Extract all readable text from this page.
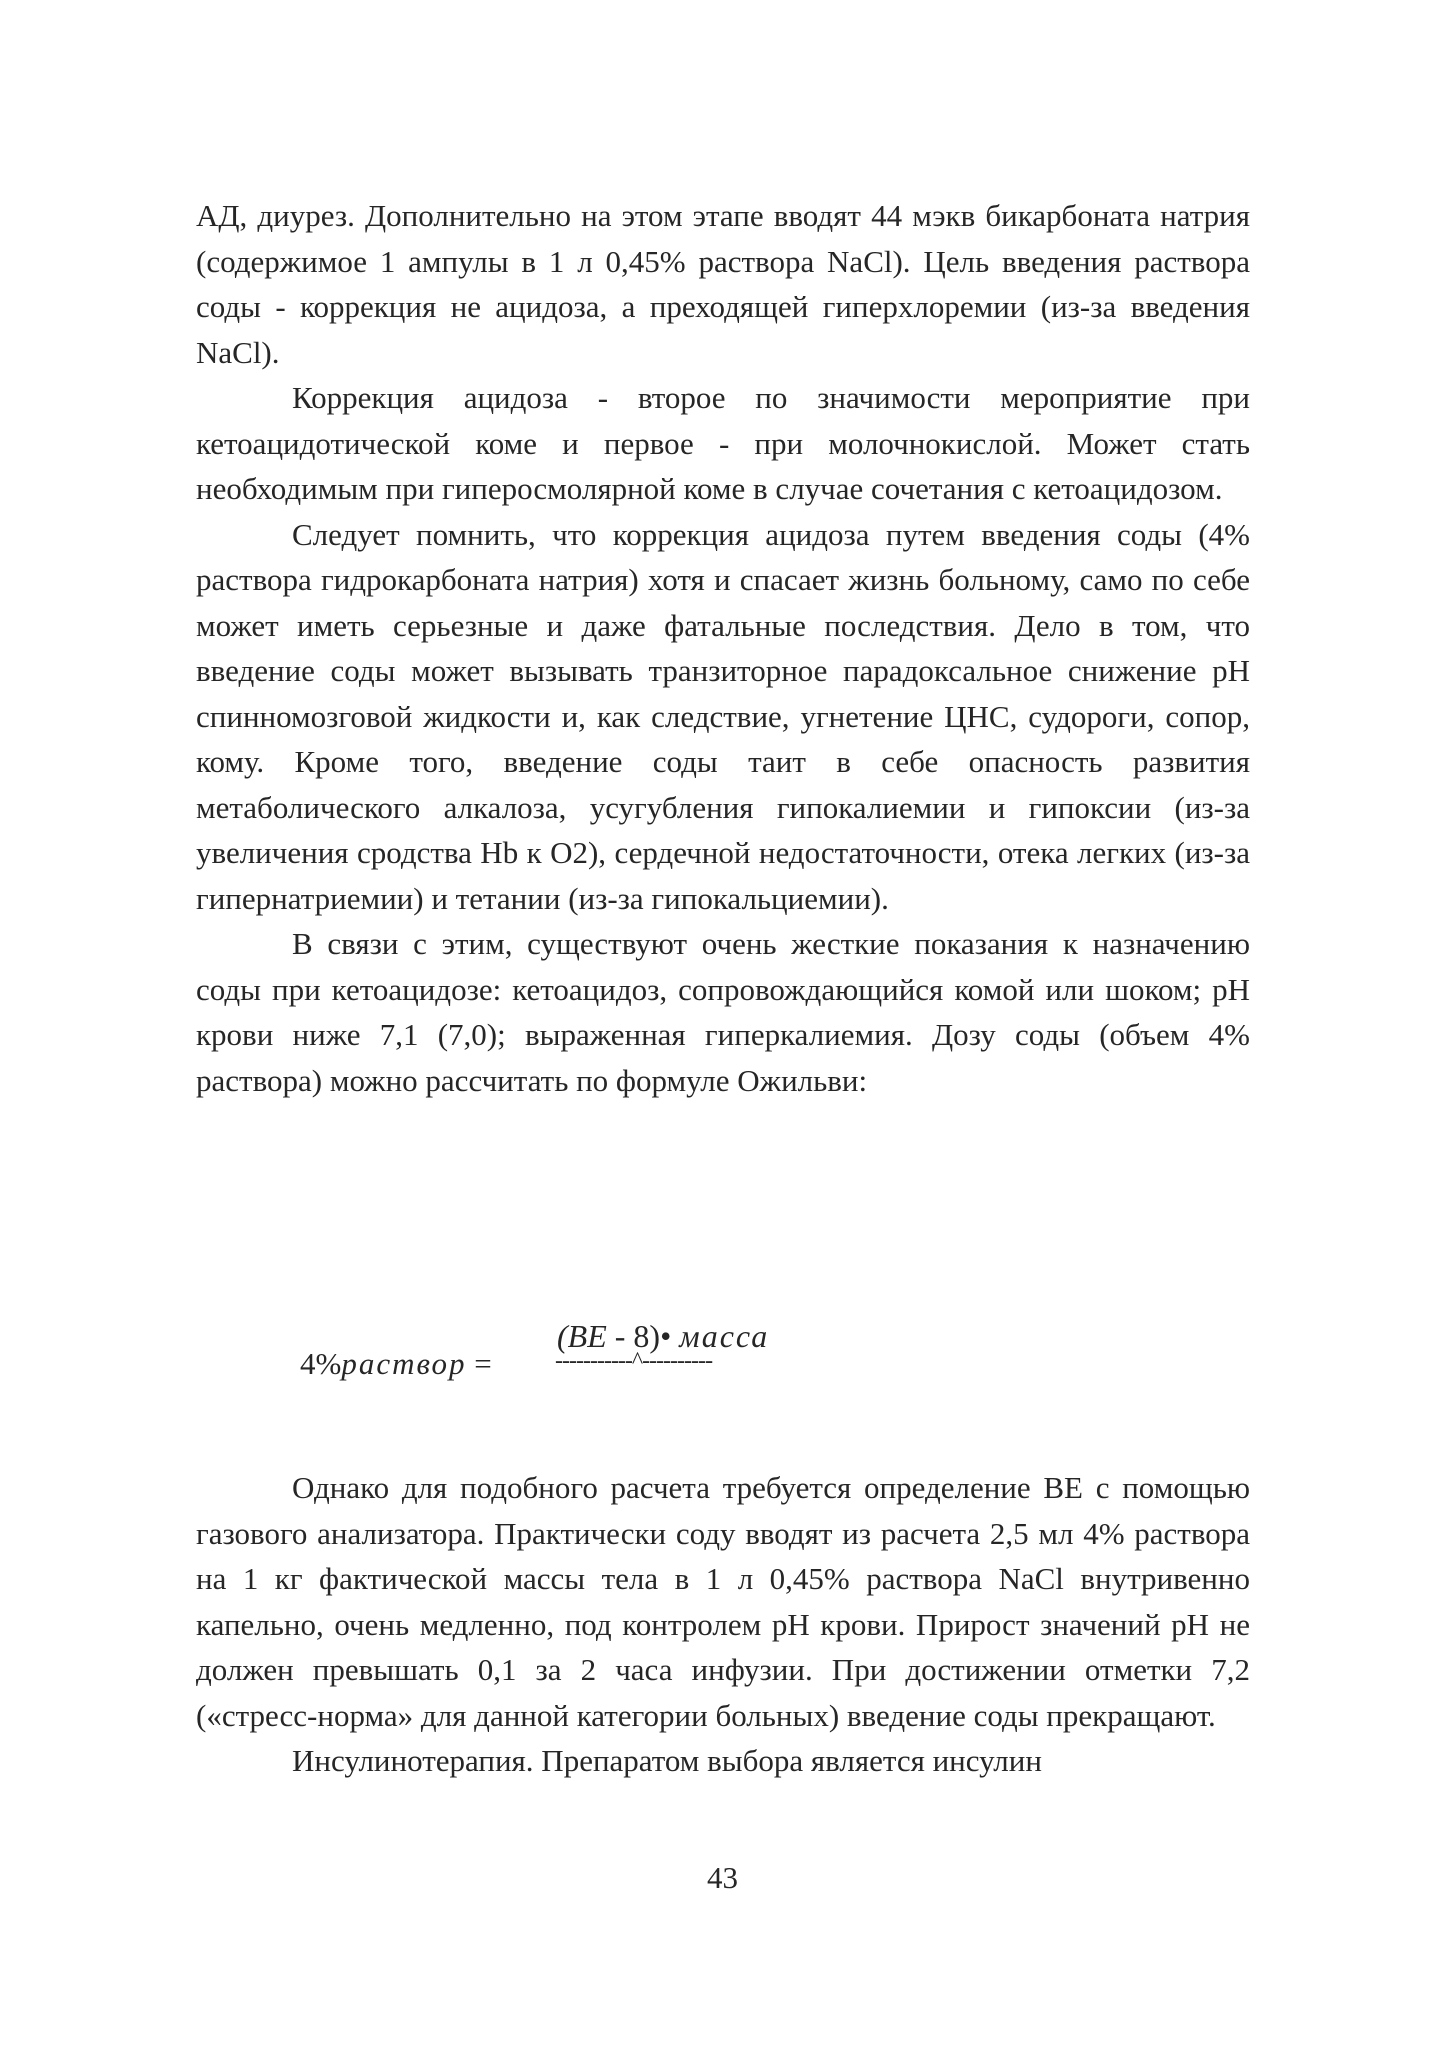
АД, диурез. Дополнительно на этом этапе вводят 44 мэкв бикарбоната натрия (содержимое 1 ампулы в 1 л 0,45% раствора NaCl). Цель введения раствора соды - коррекция не ацидоза, а преходящей гиперхлоремии (из-за введения NaCl).

Коррекция ацидоза - второе по значимости мероприятие при кетоацидотической коме и первое - при молочнокислой. Может стать необходимым при гиперосмолярной коме в случае сочетания с кетоацидозом.

Следует помнить, что коррекция ацидоза путем введения соды (4% раствора гидрокарбоната натрия) хотя и спасает жизнь больному, само по себе может иметь серьезные и даже фатальные последствия. Дело в том, что введение соды может вызывать транзиторное парадоксальное снижение pH спинномозговой жидкости и, как следствие, угнетение ЦНС, судороги, сопор, кому. Кроме того, введение соды таит в себе опасность развития метаболического алкалоза, усугубления гипокалиемии и гипоксии (из-за увеличения сродства Hb к O2), сердечной недостаточности, отека легких (из-за гипернатриемии) и тетании (из-за гипокальциемии).

В связи с этим, существуют очень жесткие показания к назначению соды при кетоацидозе: кетоацидоз, сопровождающийся комой или шоком; pH крови ниже 7,1 (7,0); выраженная гиперкалиемия. Дозу соды (объем 4% раствора) можно рассчитать по формуле Ожильви:

4%раствор =
(BE - 8)• масса
-----------^----------

Однако для подобного расчета требуется определение BE с помощью газового анализатора. Практически соду вводят из расчета 2,5 мл 4% раствора на 1 кг фактической массы тела в 1 л 0,45% раствора NaCl внутривенно капельно, очень медленно, под контролем pH крови. Прирост значений pH не должен превышать 0,1 за 2 часа инфузии. При достижении отметки 7,2 («стресс-норма» для данной категории больных) введение соды прекращают.

Инсулинотерапия. Препаратом выбора является инсулин

43
